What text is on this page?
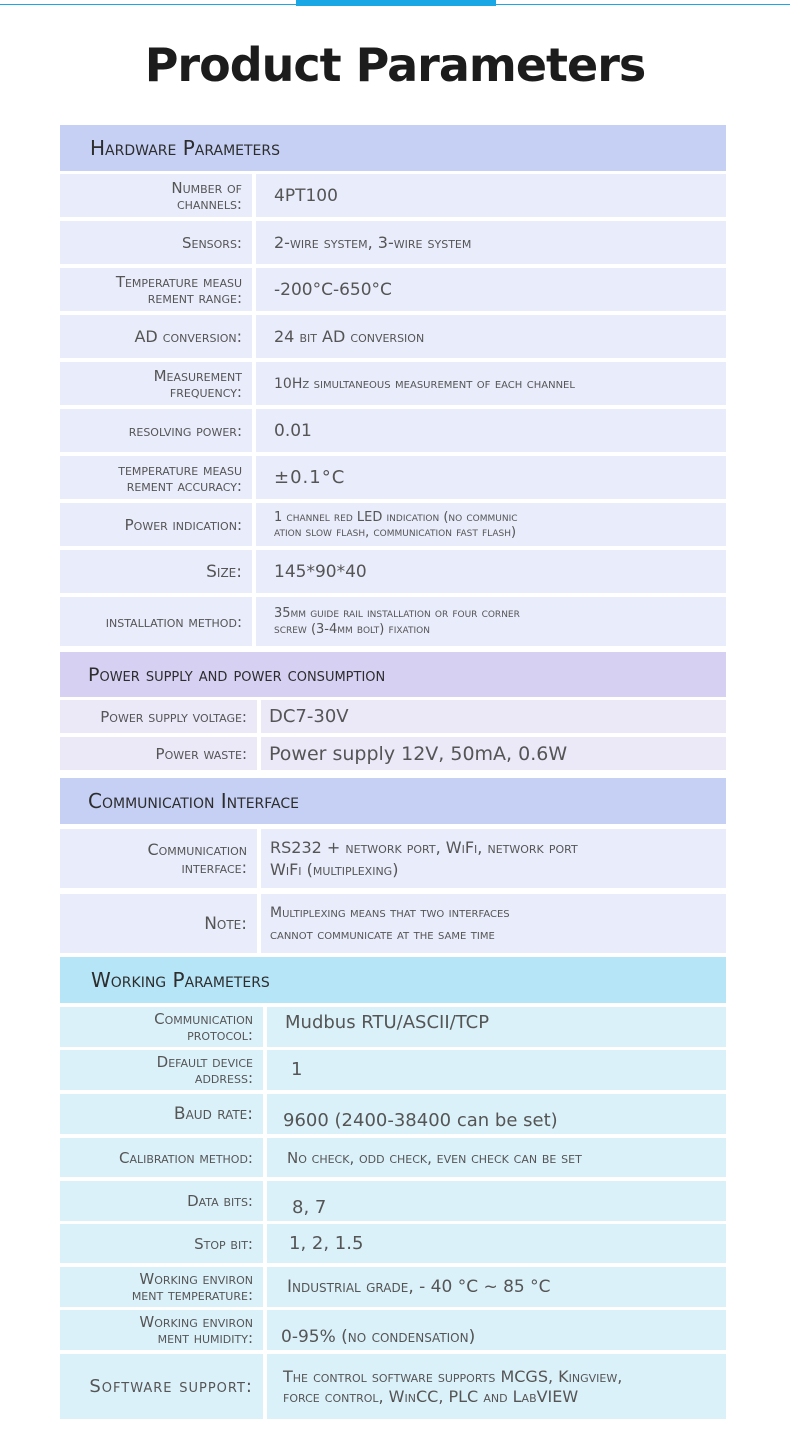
Product Parameters
Hardware Parameters
Number of
channels: 4PT100
Sensors: 2-wire system, 3-wire system
Temperature measu
rement range: -200°C-650°C
AD conversion: 24 bit AD conversion
Measurement
frequency: 10Hz simultaneous measurement of each channel
resolving power: 0.01
temperature measu
rement accuracy: ±0.1°C
Power indication: 1 channel red LED indication (no communic
ation slow flash, communication fast flash)
Size: 145*90*40
installation method: 35mm guide rail installation or four corner
screw (3-4mm bolt) fixation
Power supply and power consumption
Power supply voltage: DC7-30V
Power waste: Power supply 12V, 50mA, 0.6W
Communication Interface
Communication
interface:
RS232 + network port, WiFi, network port
WiFi (multiplexing)
Note:
Multiplexing means that two interfaces
cannot communicate at the same time
Working Parameters
Communication
protocol:
Mudbus RTU/ASCII/TCP
Default device
address: 1
Baud rate: 9600 (2400-38400 can be set)
Calibration method: No check, odd check, even check can be set
Data bits: 8, 7
Stop bit: 1, 2, 1.5
Working environ
ment temperature: Industrial grade, - 40 °C ~ 85 °C
Working environ
ment humidity: 0-95% (no condensation)
Software support: The control software supports MCGS, Kingview,
force control, WinCC, PLC and LabVIEW
